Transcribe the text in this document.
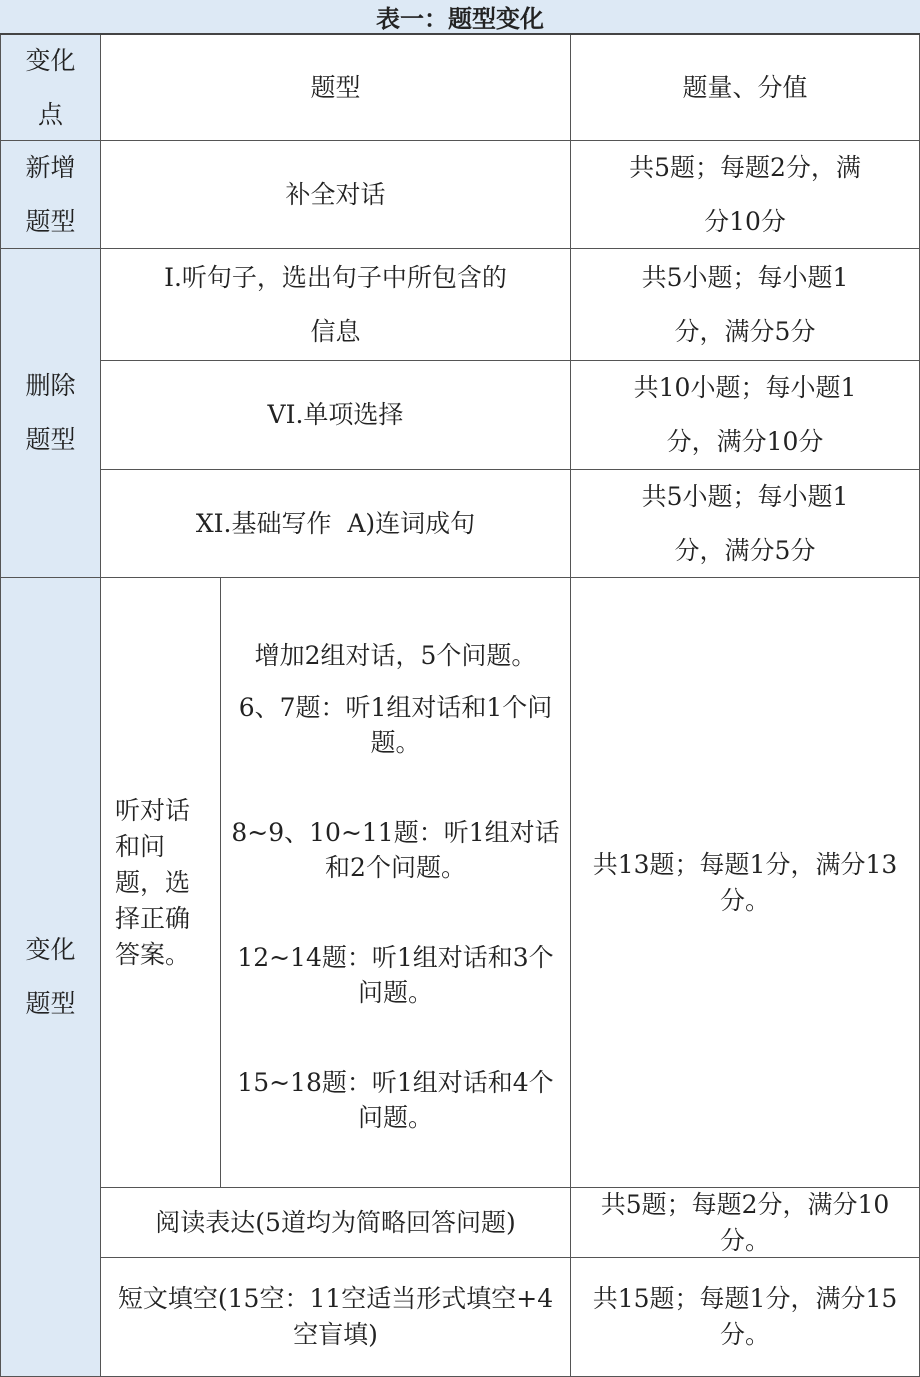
表一：题型变化
变化点
题型	题量、分值
新增题型
补全对话
共5题；每题2分，满分10分
删除题型
I.听句子，选出句子中所包含的信息
共5小题；每小题1分，满分5分
VI.单项选择
共10小题；每小题1分，满分10分
XI.基础写作  A)连词成句
共5小题；每小题1分，满分5分
变化题型
听对话和问题，选择正确答案。

增加2组对话，5个问题。

6、7题：听1组对话和1个问题。

8~9、10~11题：听1组对话和2个问题。

12~14题：听1组对话和3个问题。

15~18题：听1组对话和4个问题。

共13题；每题1分，满分13分。
阅读表达(5道均为简略回答问题)
共5题；每题2分，满分10分。
短文填空(15空：11空适当形式填空+4空盲填)
共15题；每题1分，满分15分。
